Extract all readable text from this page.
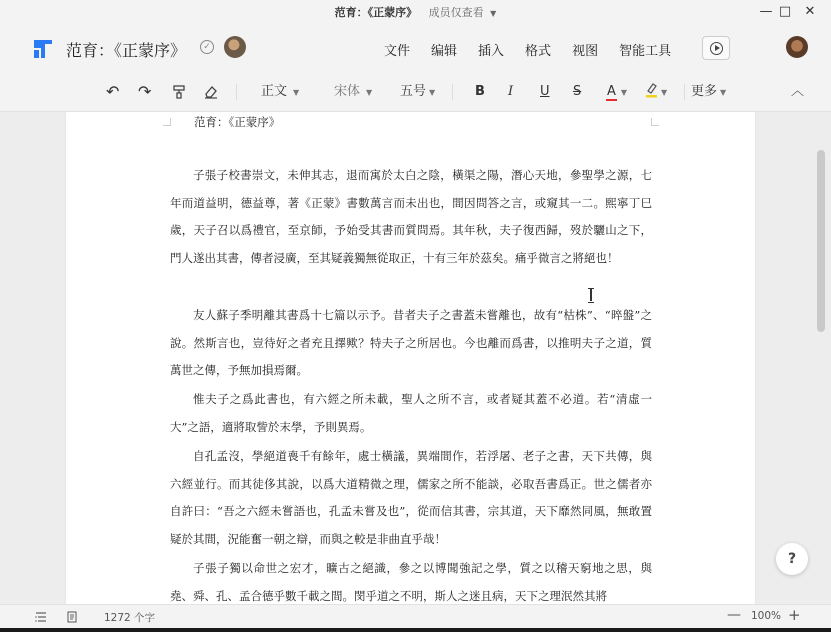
范育：《正蒙序》 成员仅查看 ▼	— □	✕
范育：《正蒙序》	✓	文件 编辑 插入 格式 视图 智能工具
↶ ↷	正文 ▼	宋体 ▼ 五号 ▼	B I U S A ▼	▼ 更多 ▼	︿
范育：《正蒙序》
子張子校書崇文，未伸其志，退而寓於太白之陰，橫渠之陽，潛心天地，參聖學之源，七年而道益明，德益尊，著《正蒙》書數萬言而未出也，間因問答之言，或窺其一二。熙寧丁巳歲，天子召以爲禮官，至京師，予始受其書而質問焉。其年秋，夫子復西歸，歿於驪山之下，門人遂出其書，傳者浸廣，至其疑義獨無從取正，十有三年於茲矣。痛乎微言之將絕也！
友人蘇子季明離其書爲十七篇以示予。昔者夫子之書蓋未嘗離也，故有“枯株”、“晬盤”之說。然斯言也，豈待好之者充且擇歟？特夫子之所居也。今也離而爲書，以推明夫子之道，質萬世之傳，予無加損焉爾。
惟夫子之爲此書也，有六經之所未載，聖人之所不言，或者疑其蓋不必道。若“清虛一大”之語，適將取訾於末學，予則異焉。
自孔孟沒，學絕道喪千有餘年，處士橫議，異端間作，若浮屠、老子之書，天下共傳，與六經並行。而其徒侈其說，以爲大道精微之理，儒家之所不能談，必取吾書爲正。世之儒者亦自許曰：“吾之六經未嘗語也，孔孟未嘗及也”，從而信其書，宗其道，天下靡然同風，無敢置疑於其間，況能奮一朝之辯，而與之較是非曲直乎哉！
子張子獨以命世之宏才，曠古之絕識，參之以博聞強記之學，質之以稽天窮地之思，與堯、舜、孔、孟合德乎數千載之間。閔乎道之不明，斯人之迷且病，天下之理泯然其將
?
1272 个字	— 100% +
